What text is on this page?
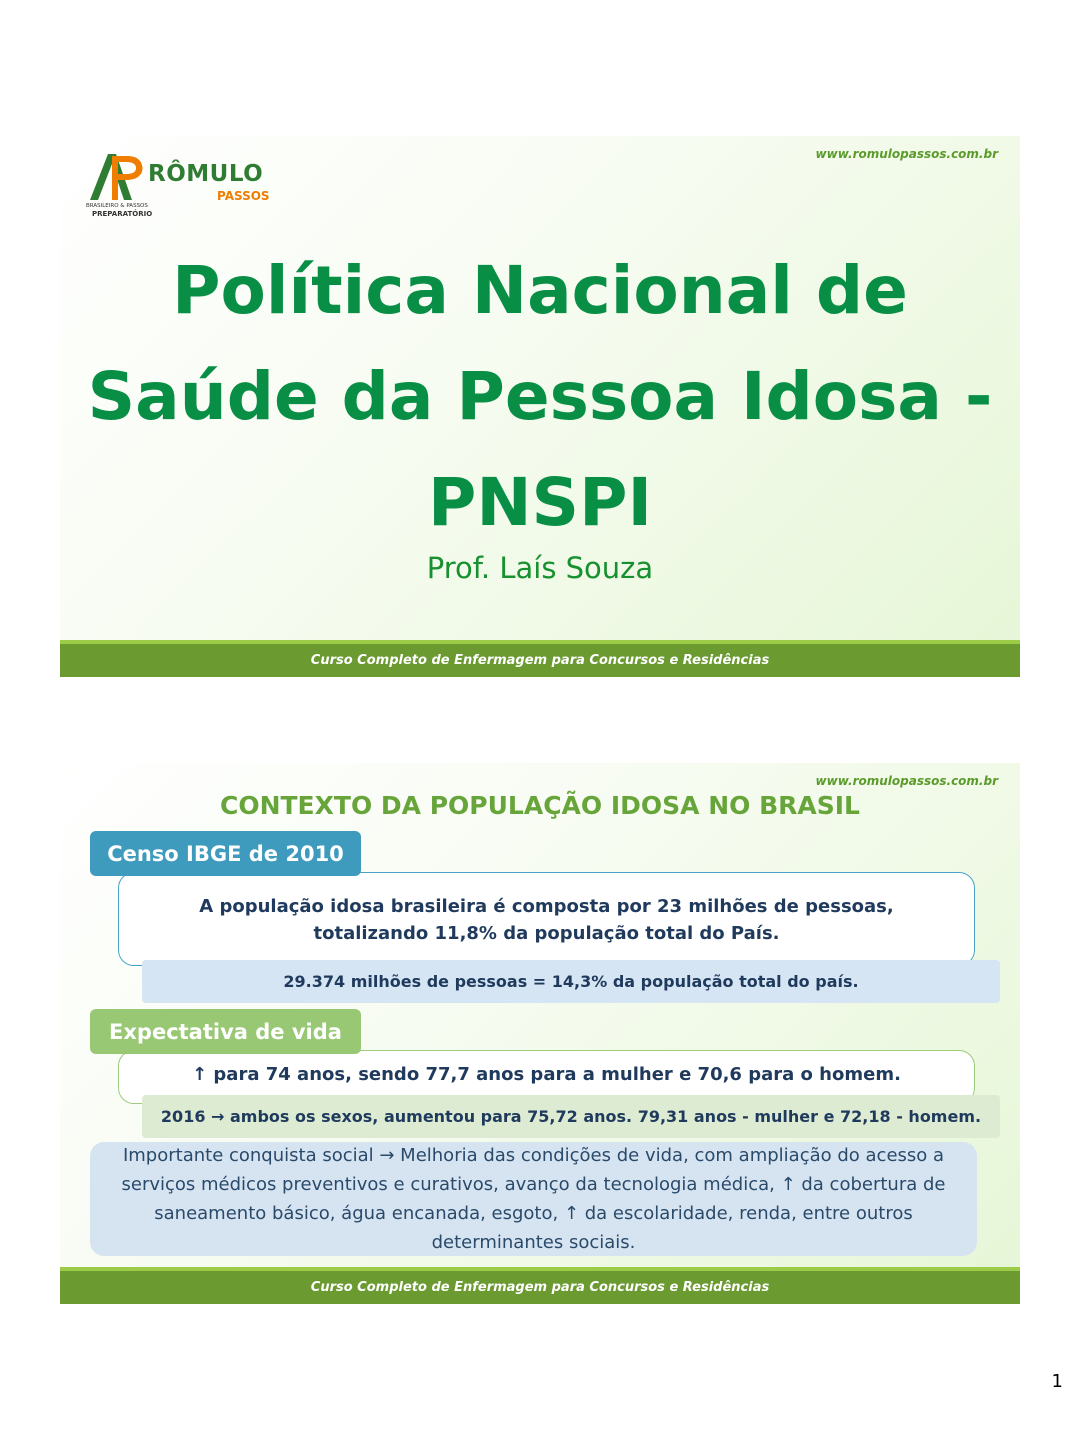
RÔMULO
PASSOS
BRASILEIRO & PASSOS
PREPARATÓRIO
www.romulopassos.com.br
Política Nacional de
Saúde da Pessoa Idosa -
PNSPI
Prof. Laís Souza
Curso Completo de Enfermagem para Concursos e Residências
www.romulopassos.com.br
CONTEXTO DA POPULAÇÃO IDOSA NO BRASIL
Censo IBGE de 2010
A população idosa brasileira é composta por 23 milhões de pessoas, totalizando 11,8% da população total do País.
29.374 milhões de pessoas = 14,3% da população total do país.
Expectativa de vida
↑ para 74 anos, sendo 77,7 anos para a mulher e 70,6 para o homem.
2016 → ambos os sexos, aumentou para 75,72 anos. 79,31 anos - mulher e 72,18 - homem.
Importante conquista social → Melhoria das condições de vida, com ampliação do acesso a serviços médicos preventivos e curativos, avanço da tecnologia médica, ↑ da cobertura de saneamento básico, água encanada, esgoto, ↑ da escolaridade, renda, entre outros determinantes sociais.
Curso Completo de Enfermagem para Concursos e Residências
1
